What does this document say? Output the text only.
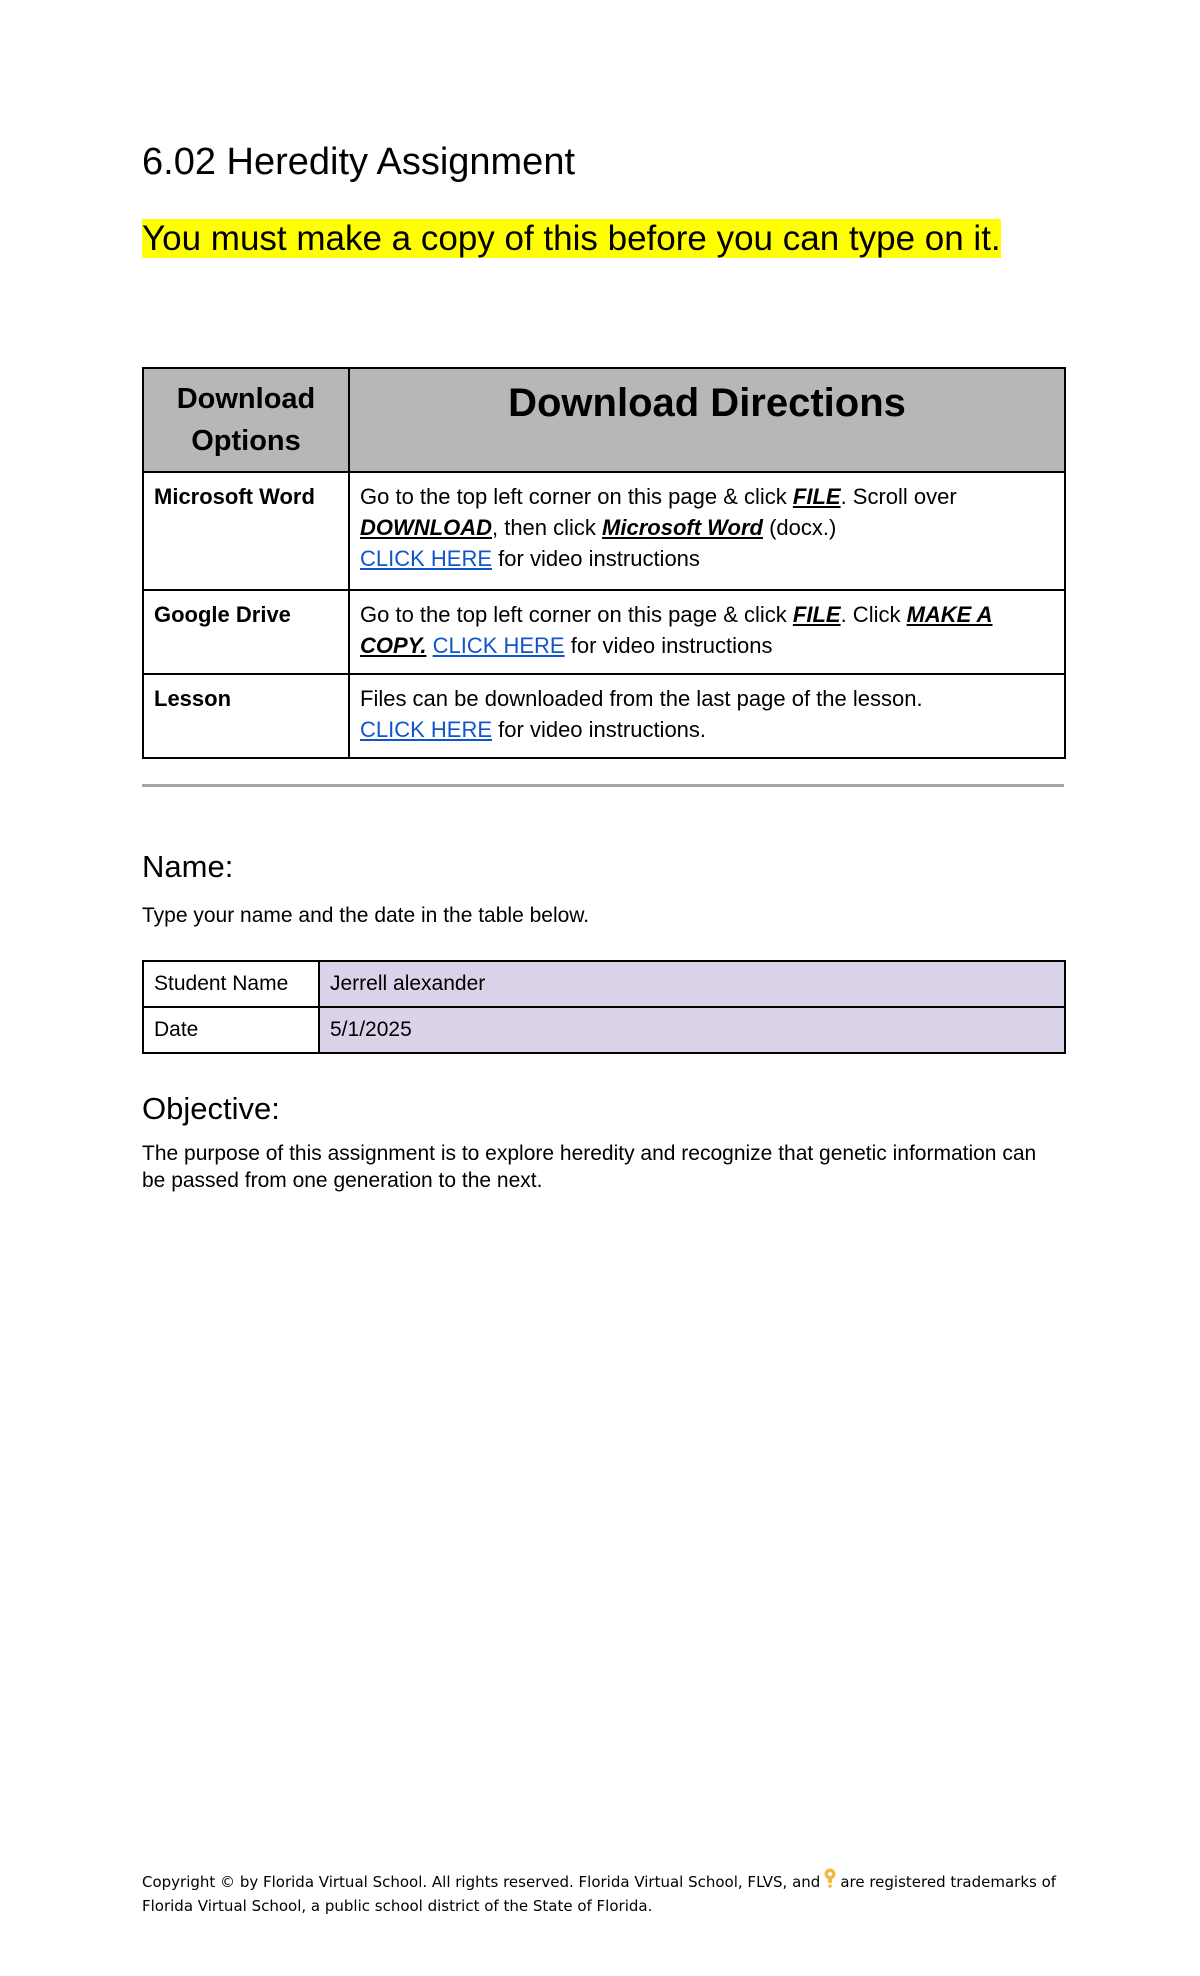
6.02 Heredity Assignment

You must make a copy of this before you can type on it.

Download Options	Download Directions
Microsoft Word	Go to the top left corner on this page & click FILE. Scroll over DOWNLOAD, then click Microsoft Word (docx.)
CLICK HERE for video instructions
Google Drive	Go to the top left corner on this page & click FILE. Click MAKE A COPY. CLICK HERE for video instructions
Lesson	Files can be downloaded from the last page of the lesson.
CLICK HERE for video instructions.
Name:

Type your name and the date in the table below.

Student Name	Jerrell alexander
Date	5/1/2025
Objective:

The purpose of this assignment is to explore heredity and recognize that genetic information can be passed from one generation to the next.

Copyright © by Florida Virtual School. All rights reserved. Florida Virtual School, FLVS, and are registered trademarks of Florida Virtual School, a public school district of the State of Florida.
